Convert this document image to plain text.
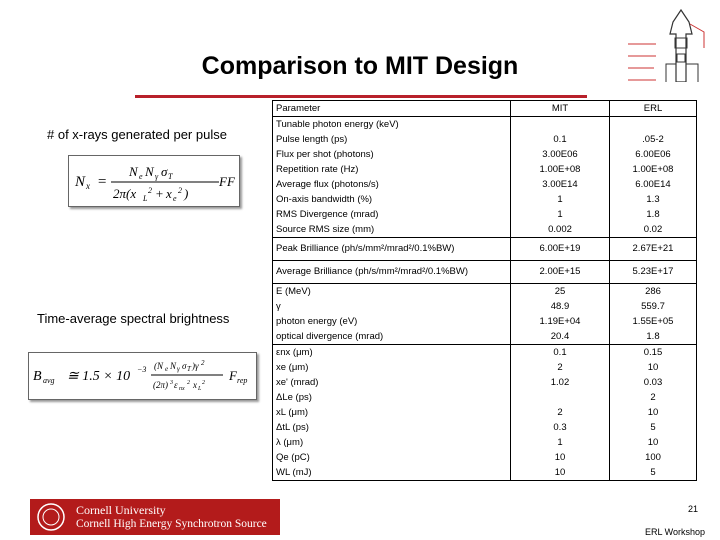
Comparison to MIT Design
# of x-rays generated per pulse
N x =
N e N γ σ T
2π(x L
2 + x e
2 )
FF
Time-average spectral brightness
B avg ≅ 1.5 × 10 −3 (N e N γ σ T )γ 2
(2π) 3 ε nx
2 x L
2 F rep
Parameter	MIT	ERL
Tunable photon energy (keV)		
Pulse length (ps)	0.1	.05-2
Flux per shot (photons)	3.00E06	6.00E06
Repetition rate (Hz)	1.00E+08	1.00E+08
Average flux (photons/s)	3.00E14	6.00E14
On-axis bandwidth (%)	1	1.3
RMS Divergence (mrad)	1	1.8
Source RMS size (mm)	0.002	0.02
Peak Brilliance (ph/s/mm²/mrad²/0.1%BW)	6.00E+19	2.67E+21
Average Brilliance (ph/s/mm²/mrad²/0.1%BW)	2.00E+15	5.23E+17
E (MeV)	25	286
γ	48.9	559.7
photon energy (eV)	1.19E+04	1.55E+05
optical divergence (mrad)	20.4	1.8
εnx (μm)	0.1	0.15
xe (μm)	2	10
xe' (mrad)	1.02	0.03
ΔLe (ps)		2
xL (μm)	2	10
ΔtL (ps)	0.3	5
λ (μm)	1	10
Qe (pC)	10	100
WL (mJ)	10	5
Cornell University
Cornell High Energy Synchrotron Source
21
ERL Workshop
